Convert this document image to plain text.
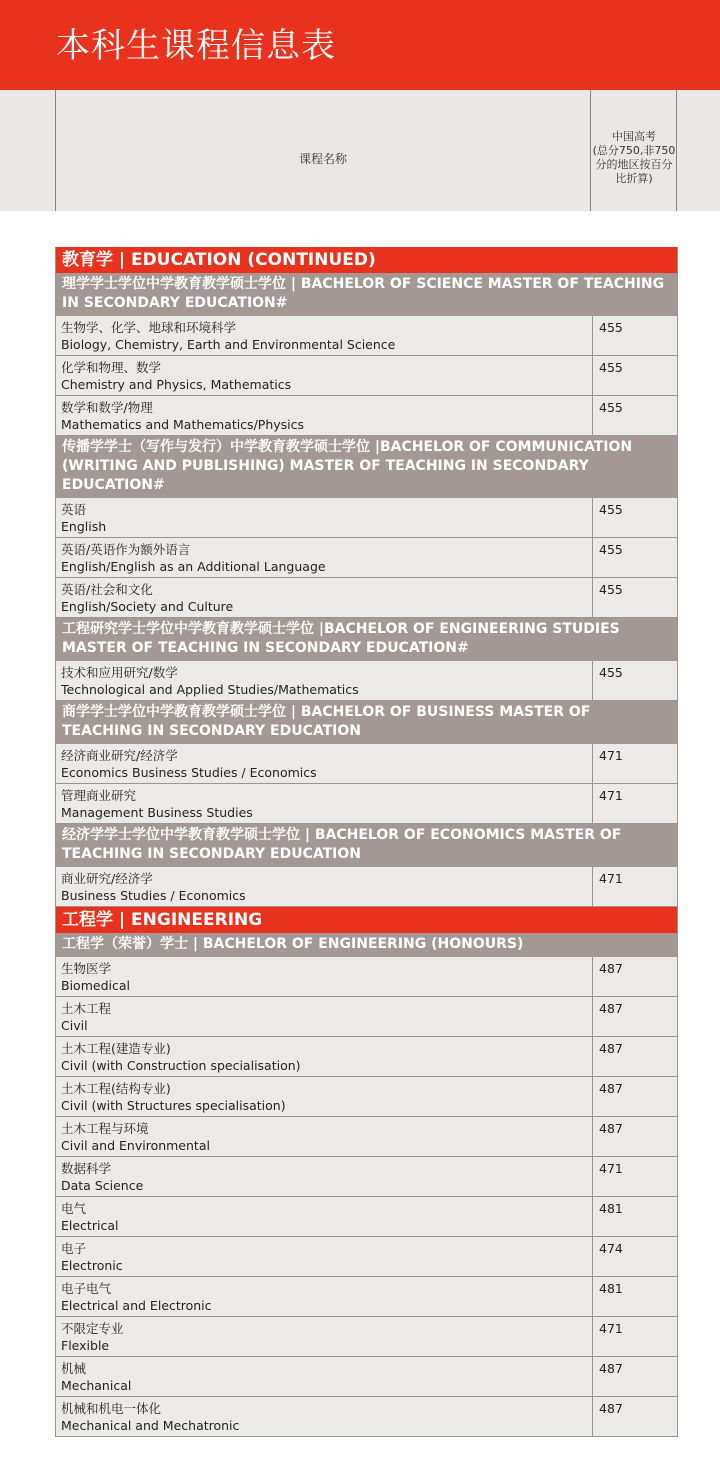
本科生课程信息表
课程名称
中国高考
(总分750,非750
分的地区按百分
比折算)
教育学 | EDUCATION (CONTINUED)
理学学士学位中学教育教学硕士学位 | BACHELOR OF SCIENCE MASTER OF TEACHING IN SECONDARY EDUCATION#
生物学、化学、地球和环境科学
Biology, Chemistry, Earth and Environmental Science
455
化学和物理、数学
Chemistry and Physics, Mathematics
455
数学和数学/物理
Mathematics and Mathematics/Physics
455
传播学学士（写作与发行）中学教育教学硕士学位 |BACHELOR OF COMMUNICATION (WRITING AND PUBLISHING) MASTER OF TEACHING IN SECONDARY EDUCATION#
英语
English
455
英语/英语作为额外语言
English/English as an Additional Language
455
英语/社会和文化
English/Society and Culture
455
工程研究学士学位中学教育教学硕士学位 |BACHELOR OF ENGINEERING STUDIES MASTER OF TEACHING IN SECONDARY EDUCATION#
技术和应用研究/数学
Technological and Applied Studies/Mathematics
455
商学学士学位中学教育教学硕士学位 | BACHELOR OF BUSINESS MASTER OF TEACHING IN SECONDARY EDUCATION
经济商业研究/经济学
Economics Business Studies / Economics
471
管理商业研究
Management Business Studies
471
经济学学士学位中学教育教学硕士学位 | BACHELOR OF ECONOMICS MASTER OF TEACHING IN SECONDARY EDUCATION
商业研究/经济学
Business Studies / Economics
471
工程学 | ENGINEERING
工程学（荣誉）学士 | BACHELOR OF ENGINEERING (HONOURS)
生物医学
Biomedical
487
土木工程
Civil
487
土木工程(建造专业)
Civil (with Construction specialisation)
487
土木工程(结构专业)
Civil (with Structures specialisation)
487
土木工程与环境
Civil and Environmental
487
数据科学
Data Science
471
电气
Electrical
481
电子
Electronic
474
电子电气
Electrical and Electronic
481
不限定专业
Flexible
471
机械
Mechanical
487
机械和机电一体化
Mechanical and Mechatronic
487
